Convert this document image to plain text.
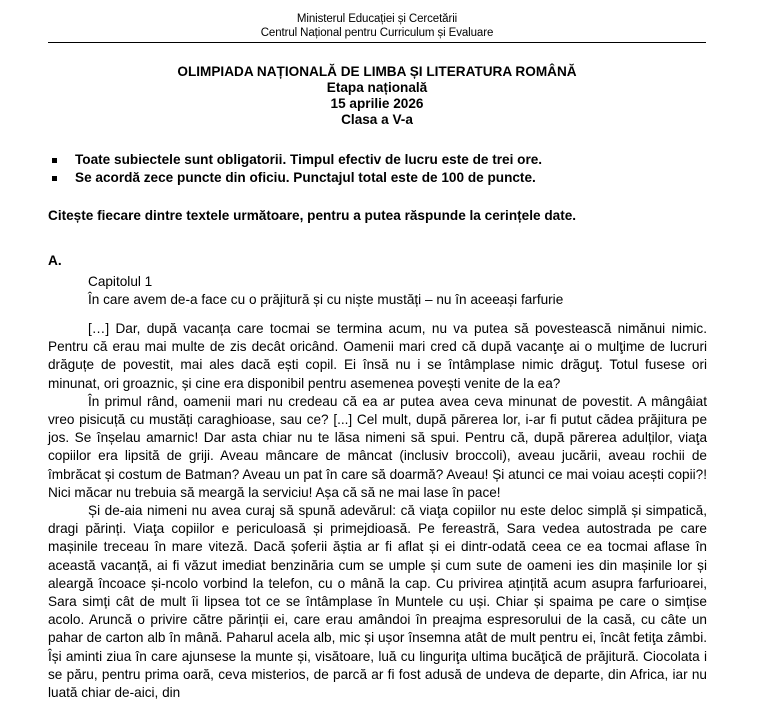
Ministerul Educației și Cercetării
Centrul Național pentru Curriculum și Evaluare
OLIMPIADA NAȚIONALĂ DE LIMBA ȘI LITERATURA ROMÂNĂ
Etapa națională
15 aprilie 2026
Clasa a V-a
Toate subiectele sunt obligatorii. Timpul efectiv de lucru este de trei ore.
Se acordă zece puncte din oficiu. Punctajul total este de 100 de puncte.
Citește fiecare dintre textele următoare, pentru a putea răspunde la cerințele date.
A.
Capitolul 1
În care avem de-a face cu o prăjitură și cu niște mustăți – nu în aceeași farfurie

[…] Dar, după vacanța care tocmai se termina acum, nu va putea să povestească nimănui nimic. Pentru că erau mai multe de zis decât oricând. Oamenii mari cred că după vacanţe ai o mulţime de lucruri drăguțe de povestit, mai ales dacă ești copil. Ei însă nu i se întâmplase nimic drăguţ. Totul fusese ori minunat, ori groaznic, și cine era disponibil pentru asemenea povești venite de la ea?

În primul rând, oamenii mari nu credeau că ea ar putea avea ceva minunat de povestit. A mângâiat vreo pisicuță cu mustăți caraghioase, sau ce? [...] Cel mult, după părerea lor, i-ar fi putut cădea prăjitura pe jos. Se înșelau amarnic! Dar asta chiar nu te lăsa nimeni să spui. Pentru că, după părerea adulților, viaţa copiilor era lipsită de griji. Aveau mâncare de mâncat (inclusiv broccoli), aveau jucării, aveau rochii de îmbrăcat și costum de Batman? Aveau un pat în care să doarmă? Aveau! Și atunci ce mai voiau acești copii?! Nici măcar nu trebuia să meargă la serviciu! Așa că să ne mai lase în pace!

Și de-aia nimeni nu avea curaj să spună adevărul: că viaţa copiilor nu este deloc simplă și simpatică, dragi părinți. Viaţa copiilor e periculoasă și primejdioasă. Pe fereastră, Sara vedea autostrada pe care mașinile treceau în mare viteză. Dacă șoferii ăștia ar fi aflat și ei dintr-odată ceea ce ea tocmai aflase în această vacanță, ai fi văzut imediat benzinăria cum se umple și cum sute de oameni ies din mașinile lor și aleargă încoace și-ncolo vorbind la telefon, cu o mână la cap. Cu privirea ațințită acum asupra farfurioarei, Sara simți cât de mult îi lipsea tot ce se întâmplase în Muntele cu uși. Chiar și spaima pe care o simțise acolo. Aruncă o privire către părinții ei, care erau amândoi în preajma espresorului de la casă, cu câte un pahar de carton alb în mână. Paharul acela alb, mic și ușor însemna atât de mult pentru ei, încât fetiţa zâmbi. Își aminti ziua în care ajunsese la munte și, visătoare, luă cu linguriţa ultima bucăţică de prăjitură. Ciocolata i se păru, pentru prima oară, ceva misterios, de parcă ar fi fost adusă de undeva de departe, din Africa, iar nu luată chiar de-aici, din
